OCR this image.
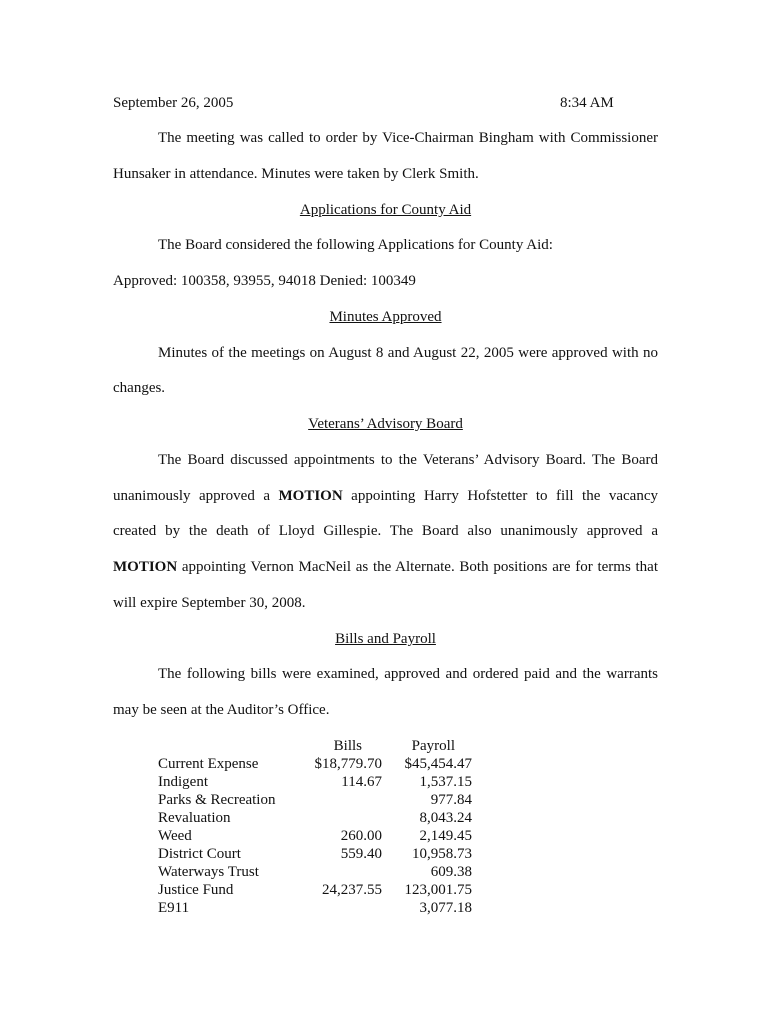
September 26, 2005	8:34 AM
The meeting was called to order by Vice-Chairman Bingham with Commissioner
Hunsaker in attendance. Minutes were taken by Clerk Smith.
Applications for County Aid
The Board considered the following Applications for County Aid:
Approved: 100358, 93955, 94018 Denied: 100349
Minutes Approved
Minutes of the meetings on August 8 and August 22, 2005 were approved with no
changes.
Veterans’ Advisory Board
The Board discussed appointments to the Veterans’ Advisory Board. The Board
unanimously approved a MOTION appointing Harry Hofstetter to fill the vacancy
created by the death of Lloyd Gillespie. The Board also unanimously approved a
MOTION appointing Vernon MacNeil as the Alternate. Both positions are for terms that
will expire September 30, 2008.
Bills and Payroll
The following bills were examined, approved and ordered paid and the warrants
may be seen at the Auditor’s Office.
	Bills	Payroll
Current Expense	$18,779.70	$45,454.47
Indigent	114.67	1,537.15
Parks & Recreation		977.84
Revaluation		8,043.24
Weed	260.00	2,149.45
District Court	559.40	10,958.73
Waterways Trust		609.38
Justice Fund	24,237.55	123,001.75
E911		3,077.18
